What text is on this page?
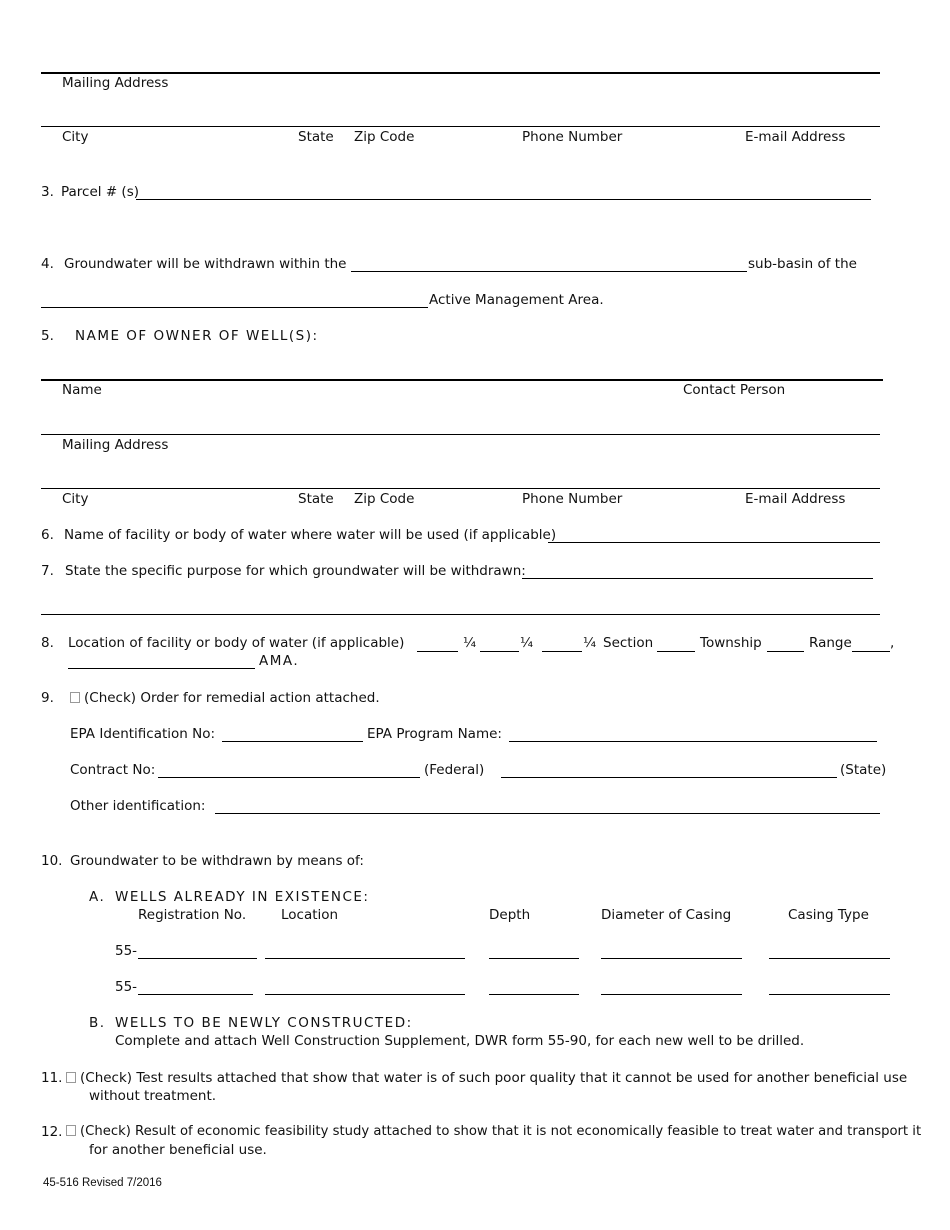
Mailing Address
City	State Zip Code	Phone Number	E-mail Address
3. Parcel # (s)
4. Groundwater will be withdrawn within the	sub-basin of the
Active Management Area.
5. NAME OF OWNER OF WELL(S):
Name	Contact Person
Mailing Address
City	State Zip Code	Phone Number	E-mail Address
6. Name of facility or body of water where water will be used (if applicable)
7. State the specific purpose for which groundwater will be withdrawn:
8. Location of facility or body of water (if applicable)	¼	¼	¼ Section	Township	Range	,
AMA.
9.	(Check) Order for remedial action attached.
EPA Identification No:	EPA Program Name:
Contract No:	(Federal)	(State)
Other identification:
10. Groundwater to be withdrawn by means of:
A. WELLS ALREADY IN EXISTENCE:
Registration No.	Location	Depth	Diameter of Casing	Casing Type
55-
55-
B. WELLS TO BE NEWLY CONSTRUCTED:
Complete and attach Well Construction Supplement, DWR form 55-90, for each new well to be drilled.
11.	(Check) Test results attached that show that water is of such poor quality that it cannot be used for another beneficial use
without treatment.
12.	(Check) Result of economic feasibility study attached to show that it is not economically feasible to treat water and transport it
for another beneficial use.
45-516 Revised 7/2016
